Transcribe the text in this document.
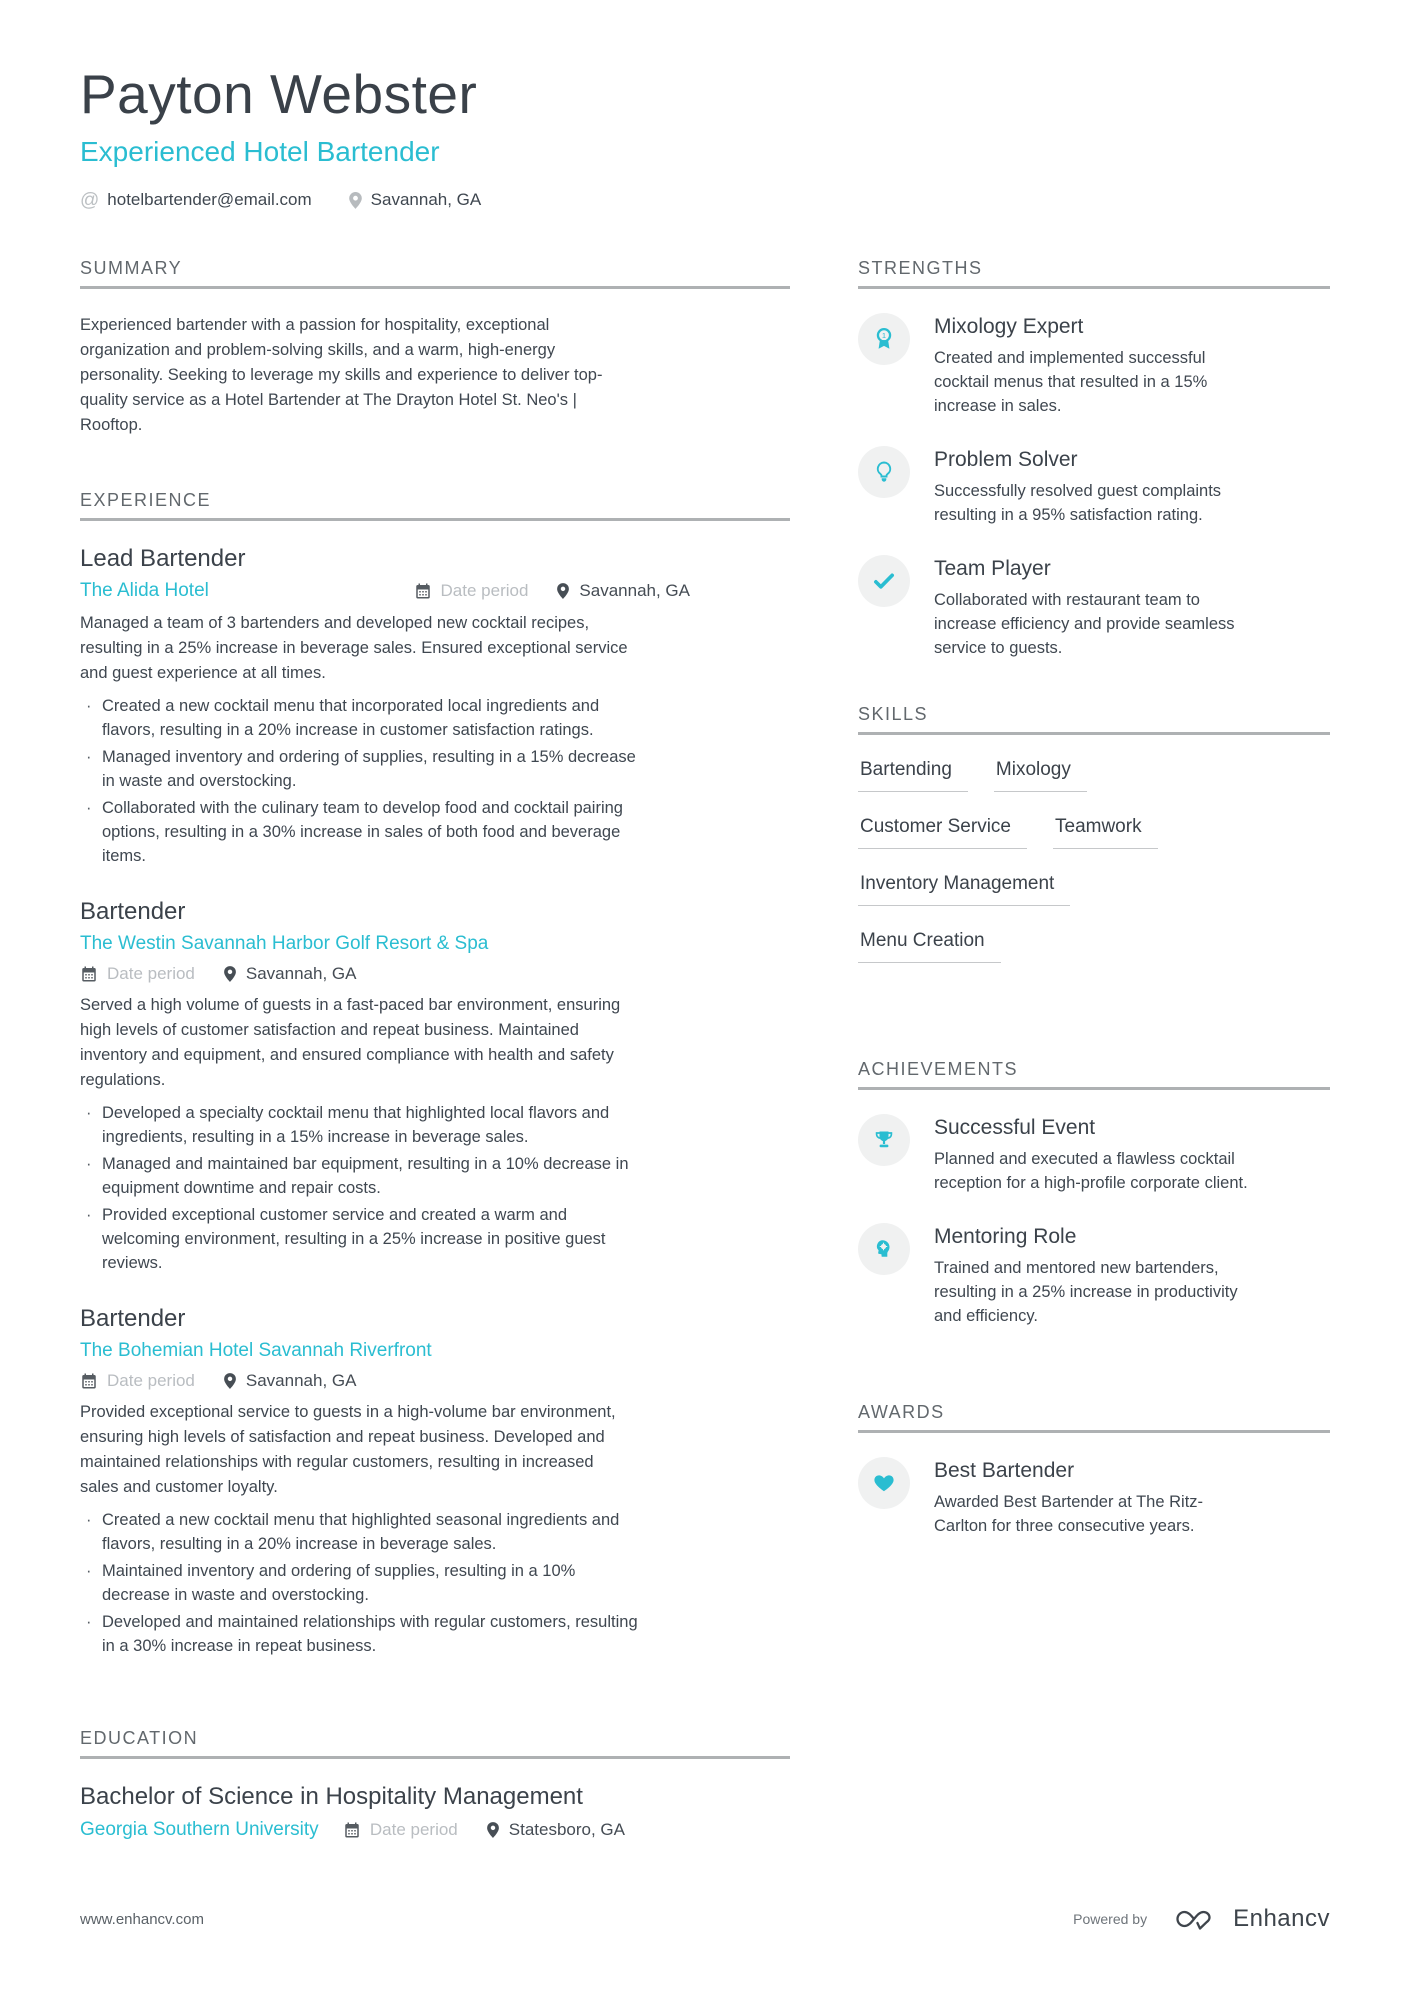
Payton Webster
Experienced Hotel Bartender
@ hotelbartender@email.com	Savannah, GA
SUMMARY

Experienced bartender with a passion for hospitality, exceptional organization and problem-solving skills, and a warm, high-energy personality. Seeking to leverage my skills and experience to deliver top-quality service as a Hotel Bartender at The Drayton Hotel St. Neo's | Rooftop.

EXPERIENCE
Lead Bartender
The Alida Hotel	Date period	Savannah, GA

Managed a team of 3 bartenders and developed new cocktail recipes, resulting in a 25% increase in beverage sales. Ensured exceptional service and guest experience at all times.

· Created a new cocktail menu that incorporated local ingredients and flavors, resulting in a 20% increase in customer satisfaction ratings.
· Managed inventory and ordering of supplies, resulting in a 15% decrease in waste and overstocking.
· Collaborated with the culinary team to develop food and cocktail pairing options, resulting in a 30% increase in sales of both food and beverage items.
Bartender
The Westin Savannah Harbor Golf Resort & Spa
Date period	Savannah, GA

Served a high volume of guests in a fast-paced bar environment, ensuring high levels of customer satisfaction and repeat business. Maintained inventory and equipment, and ensured compliance with health and safety regulations.

· Developed a specialty cocktail menu that highlighted local flavors and ingredients, resulting in a 15% increase in beverage sales.
· Managed and maintained bar equipment, resulting in a 10% decrease in equipment downtime and repair costs.
· Provided exceptional customer service and created a warm and welcoming environment, resulting in a 25% increase in positive guest reviews.
Bartender
The Bohemian Hotel Savannah Riverfront
Date period	Savannah, GA

Provided exceptional service to guests in a high-volume bar environment, ensuring high levels of satisfaction and repeat business. Developed and maintained relationships with regular customers, resulting in increased sales and customer loyalty.

· Created a new cocktail menu that highlighted seasonal ingredients and flavors, resulting in a 20% increase in beverage sales.
· Maintained inventory and ordering of supplies, resulting in a 10% decrease in waste and overstocking.
· Developed and maintained relationships with regular customers, resulting in a 30% increase in repeat business.
EDUCATION
Bachelor of Science in Hospitality Management
Georgia Southern University	Date period	Statesboro, GA
STRENGTHS
1 Mixology Expert
Created and implemented successful cocktail menus that resulted in a 15% increase in sales.
Problem Solver
Successfully resolved guest complaints resulting in a 95% satisfaction rating.
Team Player
Collaborated with restaurant team to increase efficiency and provide seamless service to guests.
SKILLS
Bartending	Mixology
Customer Service	Teamwork
Inventory Management
Menu Creation
ACHIEVEMENTS
Successful Event
Planned and executed a flawless cocktail reception for a high-profile corporate client.
Mentoring Role
Trained and mentored new bartenders, resulting in a 25% increase in productivity and efficiency.
AWARDS
Best Bartender
Awarded Best Bartender at The Ritz-Carlton for three consecutive years.
www.enhancv.com	Powered by	Enhancv
